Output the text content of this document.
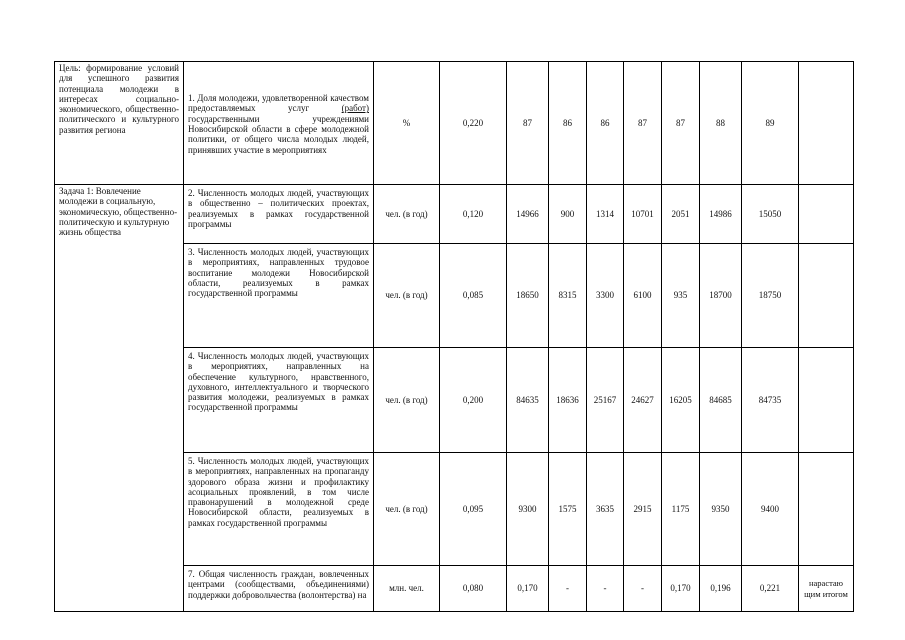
Цель: формирование условий для успешного развития потенциала молодежи в интересах социально-экономического, общественно-политического и культурного развития региона	1. Доля молодежи, удовлетворенной качеством предоставляемых услуг (работ) государственными учреждениями Новосибирской области в сфере молодежной политики, от общего числа молодых людей, принявших участие в мероприятиях	%	0,220	87	86	86	87	87	88	89	
Задача 1: Вовлечение молодежи в социальную, экономическую, общественно-политическую и культурную жизнь общества	2. Численность молодых людей, участвующих в общественно – политических проектах, реализуемых в рамках государственной программы	чел. (в год)	0,120	14966	900	1314	10701	2051	14986	15050	
	3. Численность молодых людей, участвующих в мероприятиях, направленных трудовое воспитание молодежи Новосибирской области, реализуемых в рамках государственной программы	чел. (в год)	0,085	18650	8315	3300	6100	935	18700	18750	
	4. Численность молодых людей, участвующих в мероприятиях, направленных на обеспечение культурного, нравственного, духовного, интеллектуального и творческого развития молодежи, реализуемых в рамках государственной программы	чел. (в год)	0,200	84635	18636	25167	24627	16205	84685	84735	
	5. Численность молодых людей, участвующих в мероприятиях, направленных на пропаганду здорового образа жизни и профилактику асоциальных проявлений, в том числе правонарушений в молодежной среде Новосибирской области, реализуемых в рамках государственной программы	чел. (в год)	0,095	9300	1575	3635	2915	1175	9350	9400	
	7. Общая численность граждан, вовлеченных центрами (сообществами, объединениями) поддержки добровольчества (волонтерства) на	млн. чел.	0,080	0,170	-	-	-	0,170	0,196	0,221	нарастаю щим итогом
